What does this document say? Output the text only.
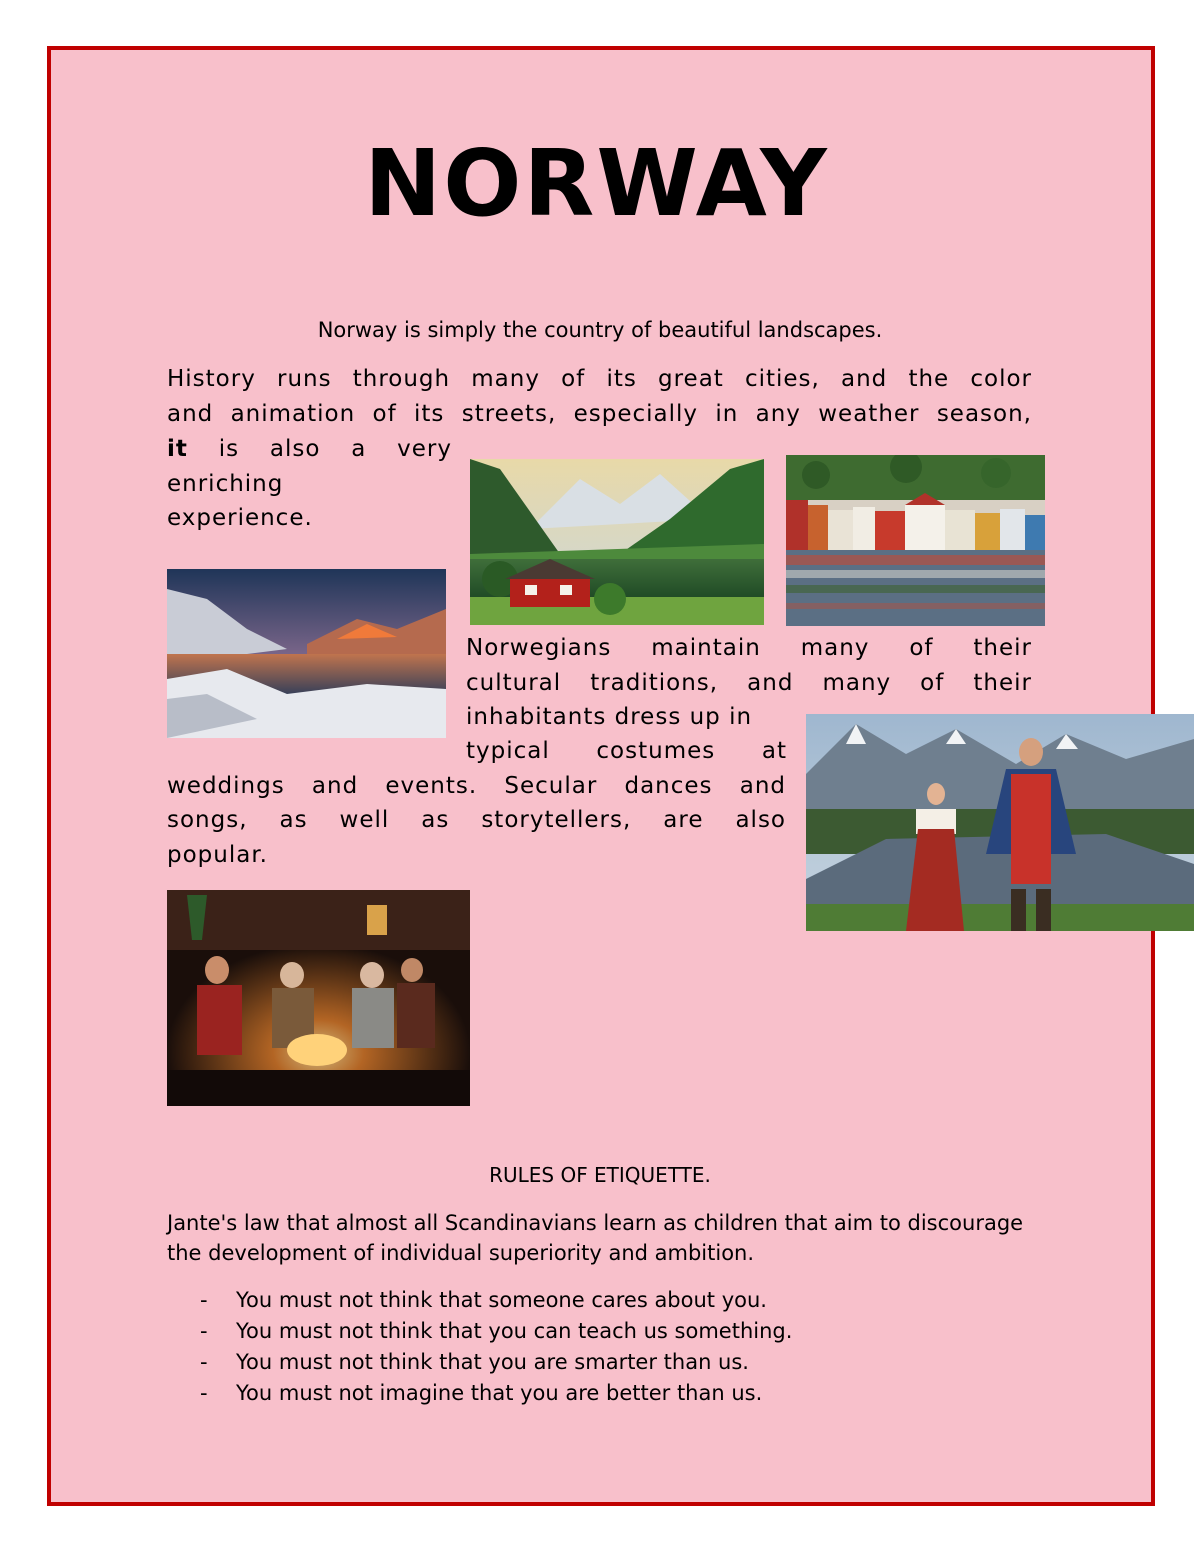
NORWAY
Norway is simply the country of beautiful landscapes.
History runs through many of its great cities, and the color
and animation of its streets, especially in any weather season,
it is also a very
enriching
experience.
Norwegians maintain many of their
cultural traditions, and many of their
inhabitants dress up in
typical costumes at
weddings and events. Secular dances and
songs, as well as storytellers, are also
popular.
RULES OF ETIQUETTE.
Jante's law that almost all Scandinavians learn as children that aim to discourage the development of individual superiority and ambition.
- You must not think that someone cares about you.
- You must not think that you can teach us something.
- You must not think that you are smarter than us.
- You must not imagine that you are better than us.
